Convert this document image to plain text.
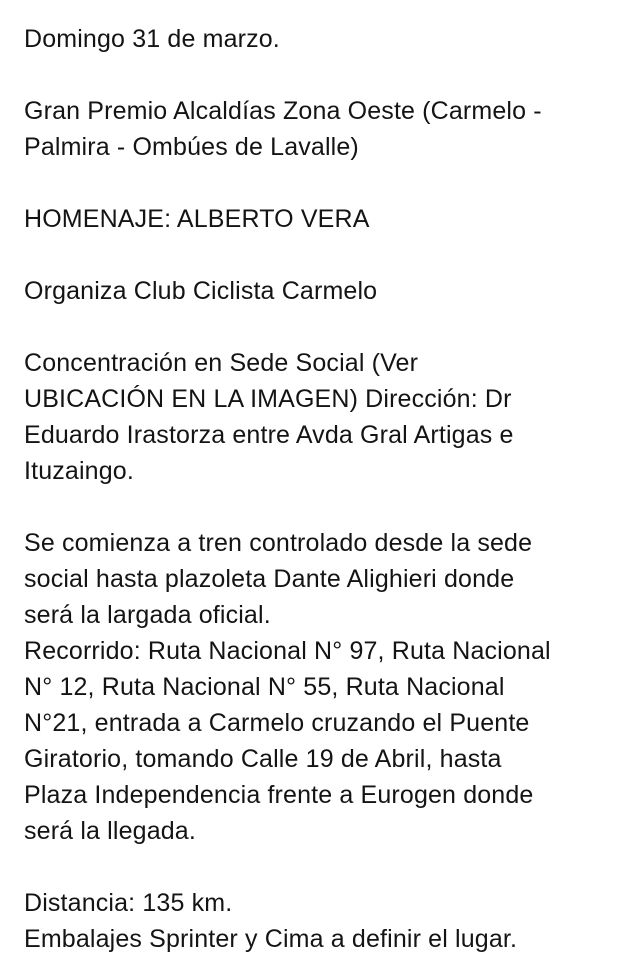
Domingo 31 de marzo.
Gran Premio Alcaldías Zona Oeste (Carmelo -
Palmira - Ombúes de Lavalle)
HOMENAJE: ALBERTO VERA
Organiza Club Ciclista Carmelo
Concentración en Sede Social (Ver
UBICACIÓN EN LA IMAGEN) Dirección: Dr
Eduardo Irastorza entre Avda Gral Artigas e
Ituzaingo.
Se comienza a tren controlado desde la sede
social hasta plazoleta Dante Alighieri donde
será la largada oficial.
Recorrido: Ruta Nacional N° 97, Ruta Nacional
N° 12, Ruta Nacional N° 55, Ruta Nacional
N°21, entrada a Carmelo cruzando el Puente
Giratorio, tomando Calle 19 de Abril, hasta
Plaza Independencia frente a Eurogen donde
será la llegada.
Distancia: 135 km.
Embalajes Sprinter y Cima a definir el lugar.
